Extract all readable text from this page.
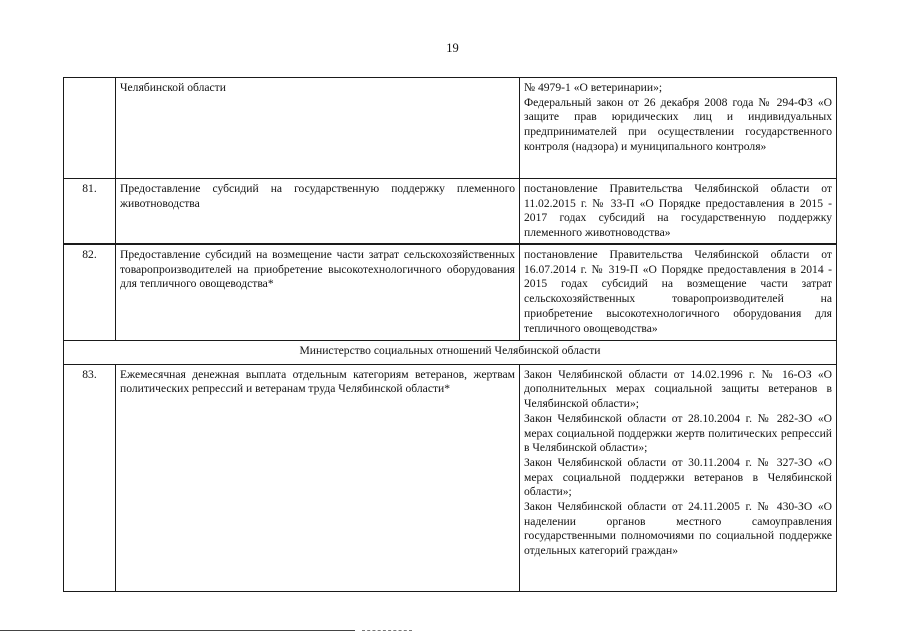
19
	Челябинской области	№ 4979-1 «О ветеринарии»;
Федеральный закон от 26 декабря 2008 года № 294-ФЗ «О защите прав юридических лиц и индивидуальных предпринимателей при осуществлении государственного контроля (надзора) и муниципального контроля»

81.	Предоставление субсидий на государственную поддержку племенного животноводства	постановление Правительства Челябинской области от 11.02.2015 г. № 33-П «О Порядке предоставления в 2015 - 2017 годах субсидий на государственную поддержку племенного животноводства»

82.	Предоставление субсидий на возмещение части затрат сельскохозяйственных товаропроизводителей на приобретение высокотехнологичного оборудования для тепличного овощеводства*	постановление Правительства Челябинской области от 16.07.2014 г. № 319-П «О Порядке предоставления в 2014 - 2015 годах субсидий на возмещение части затрат сельскохозяйственных товаропроизводителей на приобретение высокотехнологичного оборудования для тепличного овощеводства»

Министерство социальных отношений Челябинской области		
83.	Ежемесячная денежная выплата отдельным категориям ветеранов, жертвам политических репрессий и ветеранам труда Челябинской области*	Закон Челябинской области от 14.02.1996 г. № 16-ОЗ «О дополнительных мерах социальной защиты ветеранов в Челябинской области»;
Закон Челябинской области от 28.10.2004 г. № 282-ЗО «О мерах социальной поддержки жертв политических репрессий в Челябинской области»;
Закон Челябинской области от 30.11.2004 г. № 327-ЗО «О мерах социальной поддержки ветеранов в Челябинской области»;
Закон Челябинской области от 24.11.2005 г. № 430-ЗО «О наделении органов местного самоуправления государственными полномочиями по социальной поддержке отдельных категорий граждан»
